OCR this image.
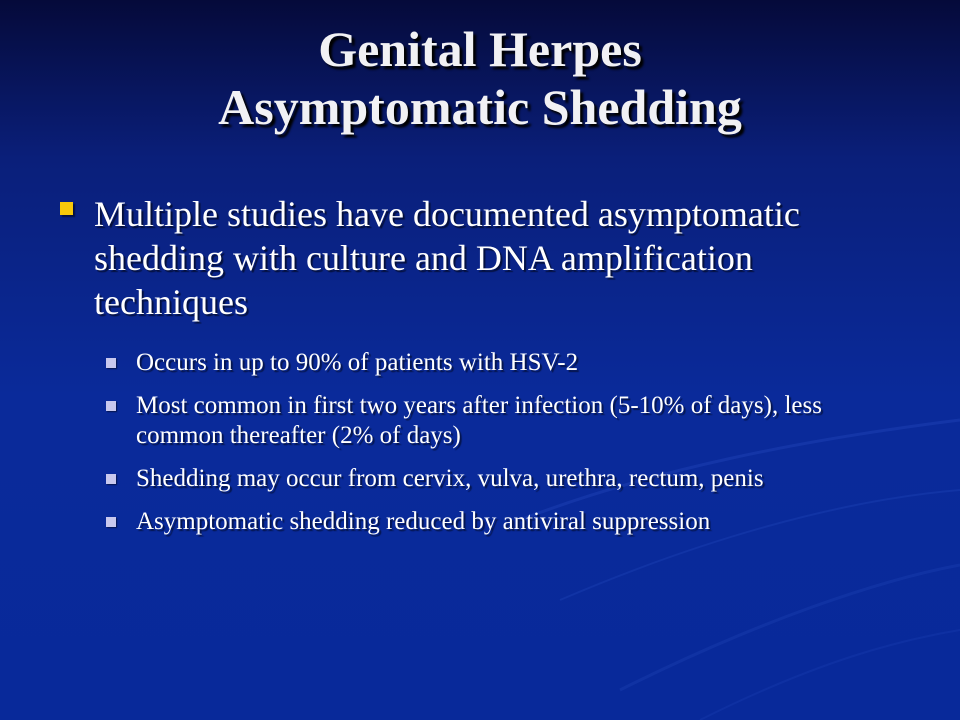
Genital Herpes
Asymptomatic Shedding
Multiple studies have documented asymptomatic shedding with culture and DNA amplification techniques
Occurs in up to 90% of patients with HSV-2
Most common in first two years after infection (5-10% of days), less common thereafter (2% of days)
Shedding may occur from cervix, vulva, urethra, rectum, penis
Asymptomatic shedding reduced by antiviral suppression
